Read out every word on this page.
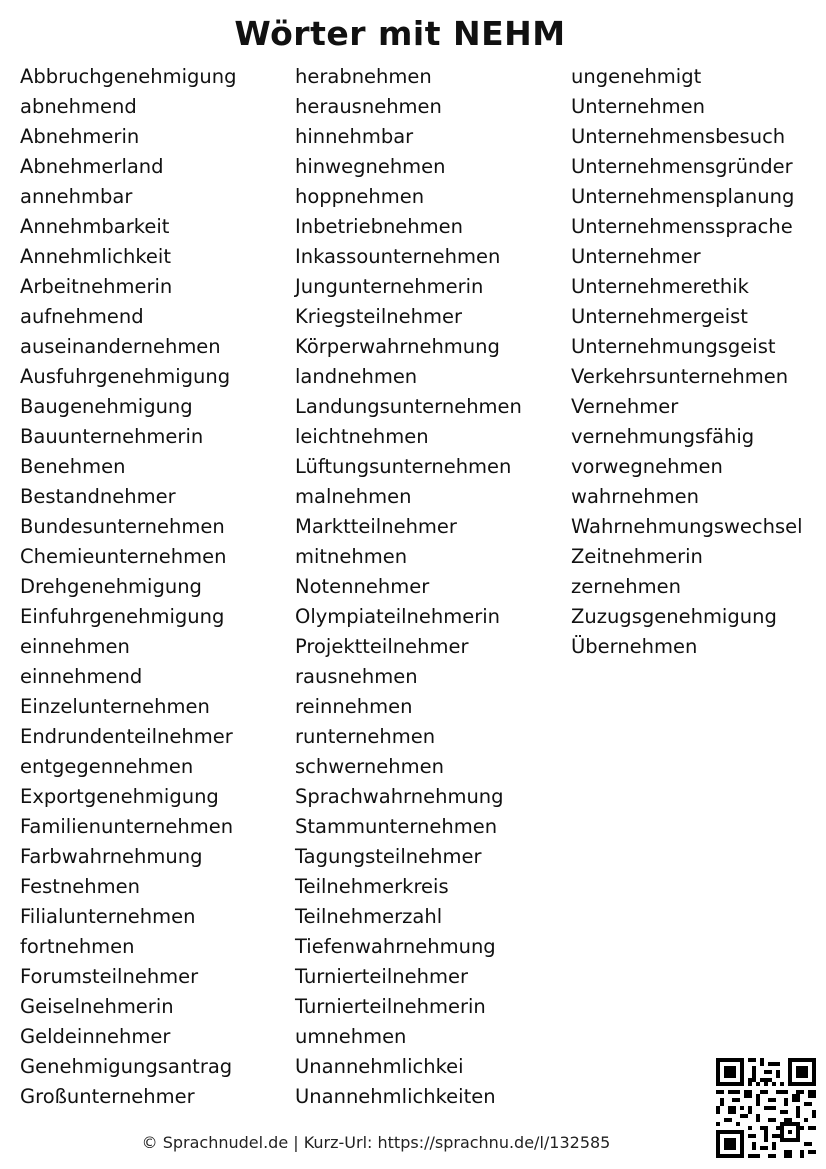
Wörter mit NEHM
Abbruchgenehmigung
abnehmend
Abnehmerin
Abnehmerland
annehmbar
Annehmbarkeit
Annehmlichkeit
Arbeitnehmerin
aufnehmend
auseinandernehmen
Ausfuhrgenehmigung
Baugenehmigung
Bauunternehmerin
Benehmen
Bestandnehmer
Bundesunternehmen
Chemieunternehmen
Drehgenehmigung
Einfuhrgenehmigung
einnehmen
einnehmend
Einzelunternehmen
Endrundenteilnehmer
entgegennehmen
Exportgenehmigung
Familienunternehmen
Farbwahrnehmung
Festnehmen
Filialunternehmen
fortnehmen
Forumsteilnehmer
Geiselnehmerin
Geldeinnehmer
Genehmigungsantrag
Großunternehmer
herabnehmen
herausnehmen
hinnehmbar
hinwegnehmen
hoppnehmen
Inbetriebnehmen
Inkassounternehmen
Jungunternehmerin
Kriegsteilnehmer
Körperwahrnehmung
landnehmen
Landungsunternehmen
leichtnehmen
Lüftungsunternehmen
malnehmen
Marktteilnehmer
mitnehmen
Notennehmer
Olympiateilnehmerin
Projektteilnehmer
rausnehmen
reinnehmen
runternehmen
schwernehmen
Sprachwahrnehmung
Stammunternehmen
Tagungsteilnehmer
Teilnehmerkreis
Teilnehmerzahl
Tiefenwahrnehmung
Turnierteilnehmer
Turnierteilnehmerin
umnehmen
Unannehmlichkei
Unannehmlichkeiten
ungenehmigt
Unternehmen
Unternehmensbesuch
Unternehmensgründer
Unternehmensplanung
Unternehmenssprache
Unternehmer
Unternehmerethik
Unternehmergeist
Unternehmungsgeist
Verkehrsunternehmen
Vernehmer
vernehmungsfähig
vorwegnehmen
wahrnehmen
Wahrnehmungswechsel
Zeitnehmerin
zernehmen
Zuzugsgenehmigung
Übernehmen
© Sprachnudel.de | Kurz-Url: https://sprachnu.de/l/132585
